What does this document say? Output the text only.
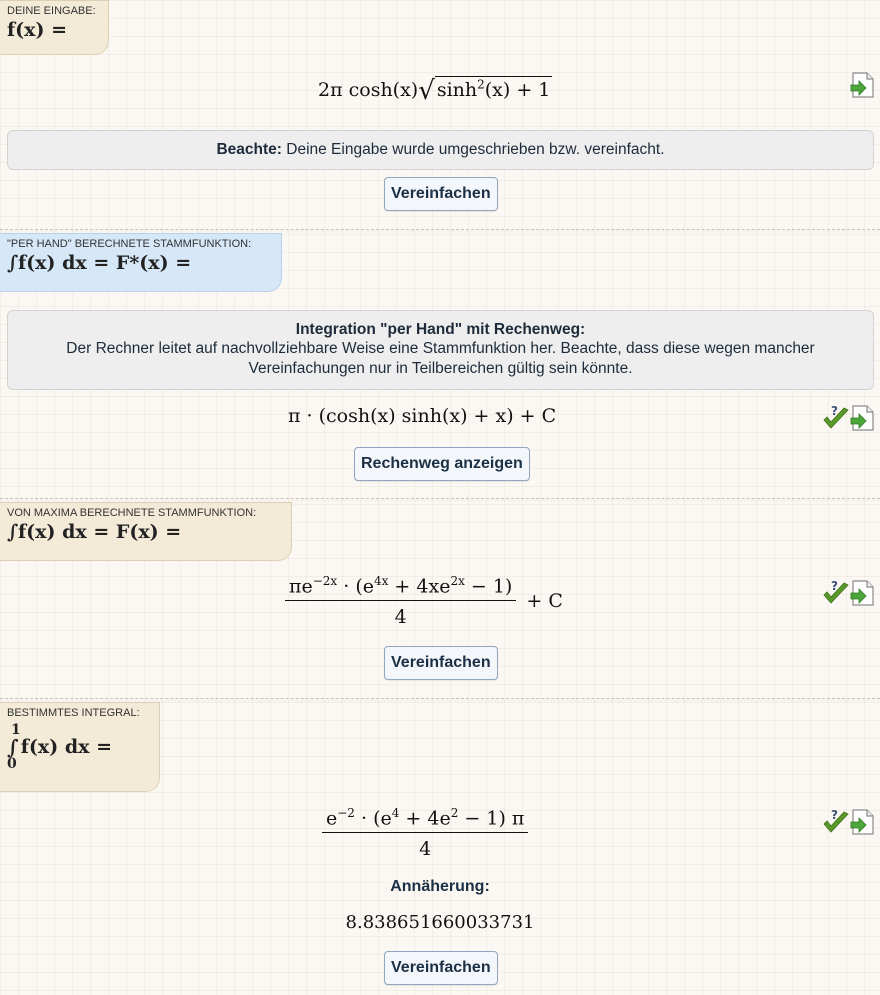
DEINE EINGABE:
f(x) =
2π cosh(x)√ $\sinh^2(x) + 1$
Beachte: Deine Eingabe wurde umgeschrieben bzw. vereinfacht.
Vereinfachen
"PER HAND" BERECHNETE STAMMFUNKTION:
∫f(x) dx = F*(x) =
Integration "per Hand" mit Rechenweg:
Der Rechner leitet auf nachvollziehbare Weise eine Stammfunktion her. Beachte, dass diese wegen mancher Vereinfachungen nur in Teilbereichen gültig sein könnte.
π · (cosh(x) sinh(x) + x) + C	?
Rechenweg anzeigen
VON MAXIMA BERECHNETE STAMMFUNKTION:
∫f(x) dx = F(x) =
$\frac{\pi e^{-2x} \cdot (e^{4x} + 4xe^{2x} - 1)}{4} + C$
?
Vereinfachen
BESTIMMTES INTEGRAL:
1
∫
0
f(x) dx =
$\frac{e^{-2} \cdot (e^4 + 4e^2 - 1) \pi}{4}$	?
Annäherung:
8.838651660033731
Vereinfachen
